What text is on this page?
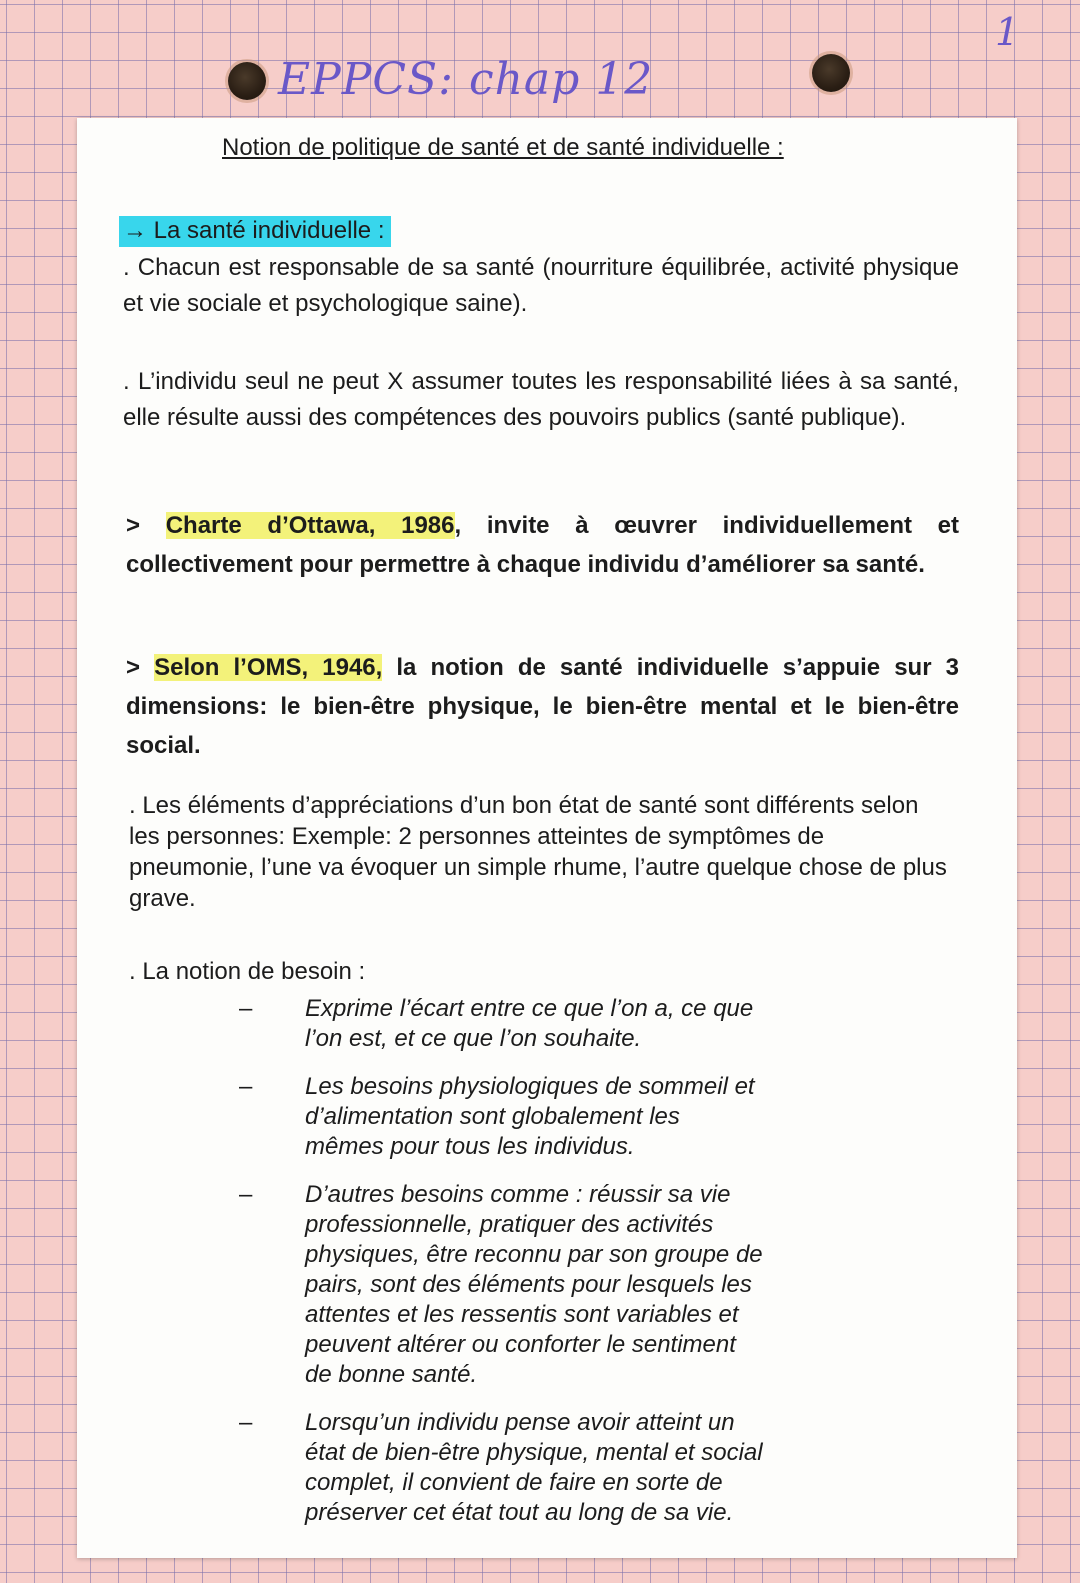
EPPCS: chap 12
1

Notion de politique de santé et de santé individuelle :

→ La santé individuelle :

. Chacun est responsable de sa santé (nourriture équilibrée, activité physique et vie sociale et psychologique saine).

. L’individu seul ne peut X assumer toutes les responsabilité liées à sa santé, elle résulte aussi des compétences des pouvoirs publics (santé publique).

> Charte d’Ottawa, 1986, invite à œuvrer individuellement et collectivement pour permettre à chaque individu d’améliorer sa santé.

> Selon l’OMS, 1946, la notion de santé individuelle s’appuie sur 3 dimensions: le bien-être physique, le bien-être mental et le bien-être social.

. Les éléments d’appréciations d’un bon état de santé sont différents selon les personnes: Exemple: 2 personnes atteintes de symptômes de pneumonie, l’une va évoquer un simple rhume, l’autre quelque chose de plus grave.

. La notion de besoin :

– Exprime l’écart entre ce que l’on a, ce que l’on est, et ce que l’on souhaite.
– Les besoins physiologiques de sommeil et d’alimentation sont globalement les mêmes pour tous les individus.
– D’autres besoins comme : réussir sa vie professionnelle, pratiquer des activités physiques, être reconnu par son groupe de pairs, sont des éléments pour lesquels les attentes et les ressentis sont variables et peuvent altérer ou conforter le sentiment de bonne santé.
– Lorsqu’un individu pense avoir atteint un état de bien-être physique, mental et social complet, il convient de faire en sorte de préserver cet état tout au long de sa vie.
